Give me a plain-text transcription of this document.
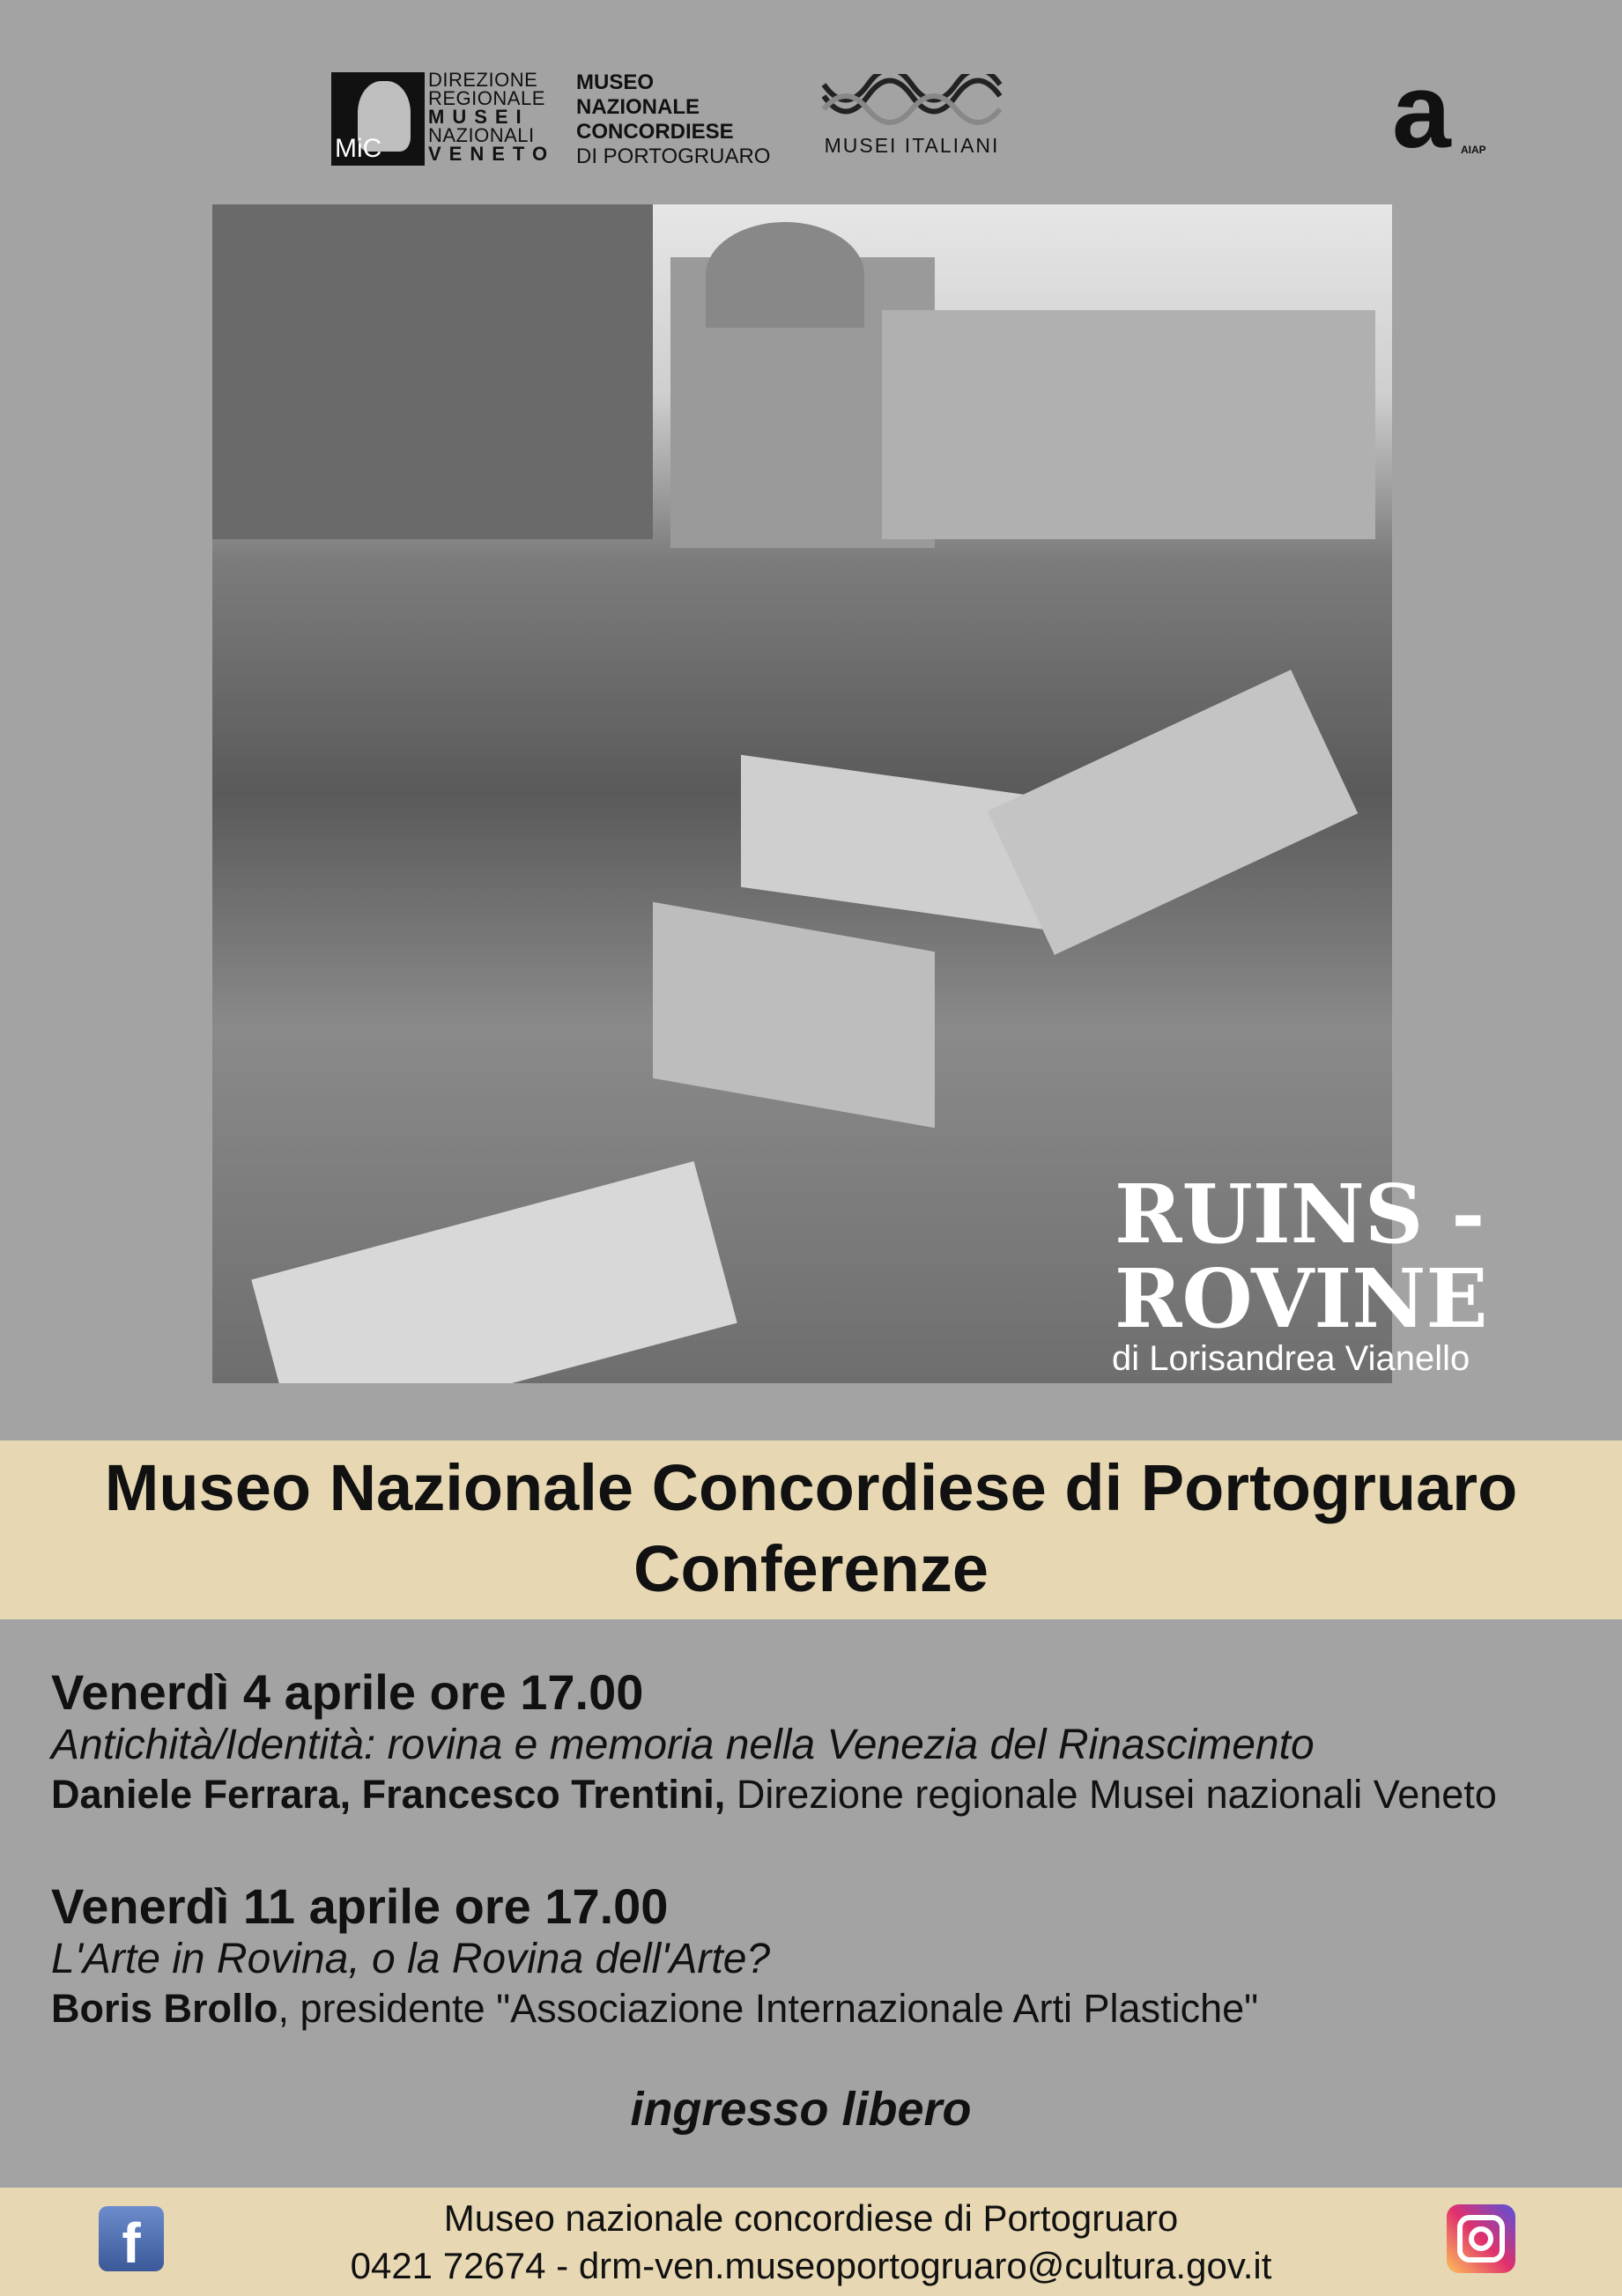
MiC
DIREZIONE
REGIONALE
MUSEI
NAZIONALI
VENETO
MUSEO
NAZIONALE
CONCORDIESE
DI PORTOGRUARO	MUSEI ITALIANI	AIAP
a
RUINS -
ROVINE
di Lorisandrea Vianello
Museo Nazionale Concordiese di Portogruaro
Conferenze
Venerdì 4 aprile ore 17.00
Antichità/Identità: rovina e memoria nella Venezia del Rinascimento
Daniele Ferrara, Francesco Trentini, Direzione regionale Musei nazionali Veneto
Venerdì 11 aprile ore 17.00
L'Arte in Rovina, o la Rovina dell'Arte?
Boris Brollo, presidente "Associazione Internazionale Arti Plastiche"
ingresso libero
Museo nazionale concordiese di Portogruaro
0421 72674 - drm-ven.museoportogruaro@cultura.gov.it
f
